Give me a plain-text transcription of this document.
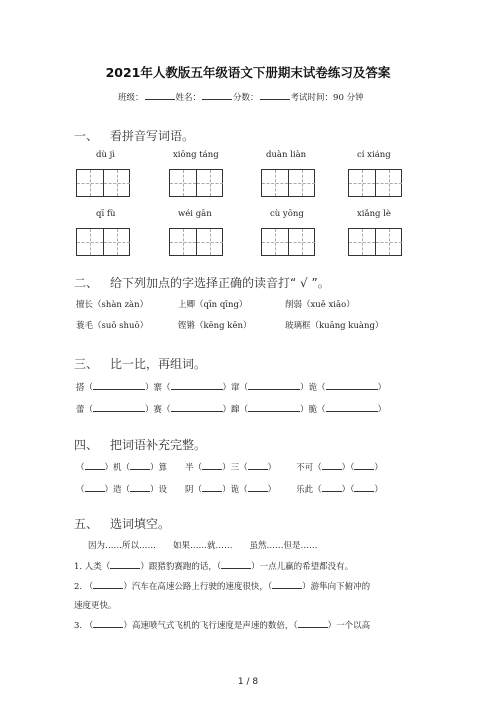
2021年人教版五年级语文下册期末试卷练习及答案
班级：	姓名：	分数：	考试时间：90 分钟
一、 看拼音写词语。
dù jì	xiōng táng	duàn liàn	cí xiáng
qī fù	wéi gān	cù yōng	xiǎng lè
二、 给下列加点的字选择正确的读音打“ √ ”。
擅长（shàn zàn）	上卿（qīn qīng）	削弱（xuē xiāo）
蓑毛（suō shuō）	铿锵（kēng kēn）	玻璃框（kuāng kuàng）
三、 比一比，再组词。
搭（	）寨（	）窜（	）诡（	）
蕾（	）赛（	）蹿（	）脆（	）
四、 把词语补充完整。
（ ）机（ ）算 半（ ）三（ ） 不可（ ）（ ）
（ ）造（ ）设 阴（ ）诡（ ） 乐此（ ）（ ）
五、 选词填空。
因为……所以……　　如果……就……　　虽然……但是……
1. 人类（	）跟猎豹赛跑的话，（	）一点儿赢的希望都没有。
2. （	）汽车在高速公路上行驶的速度很快，（	）游隼向下俯冲的
速度更快。
3. （	）高速喷气式飞机的飞行速度是声速的数倍，（	）一个以高
1 / 8
